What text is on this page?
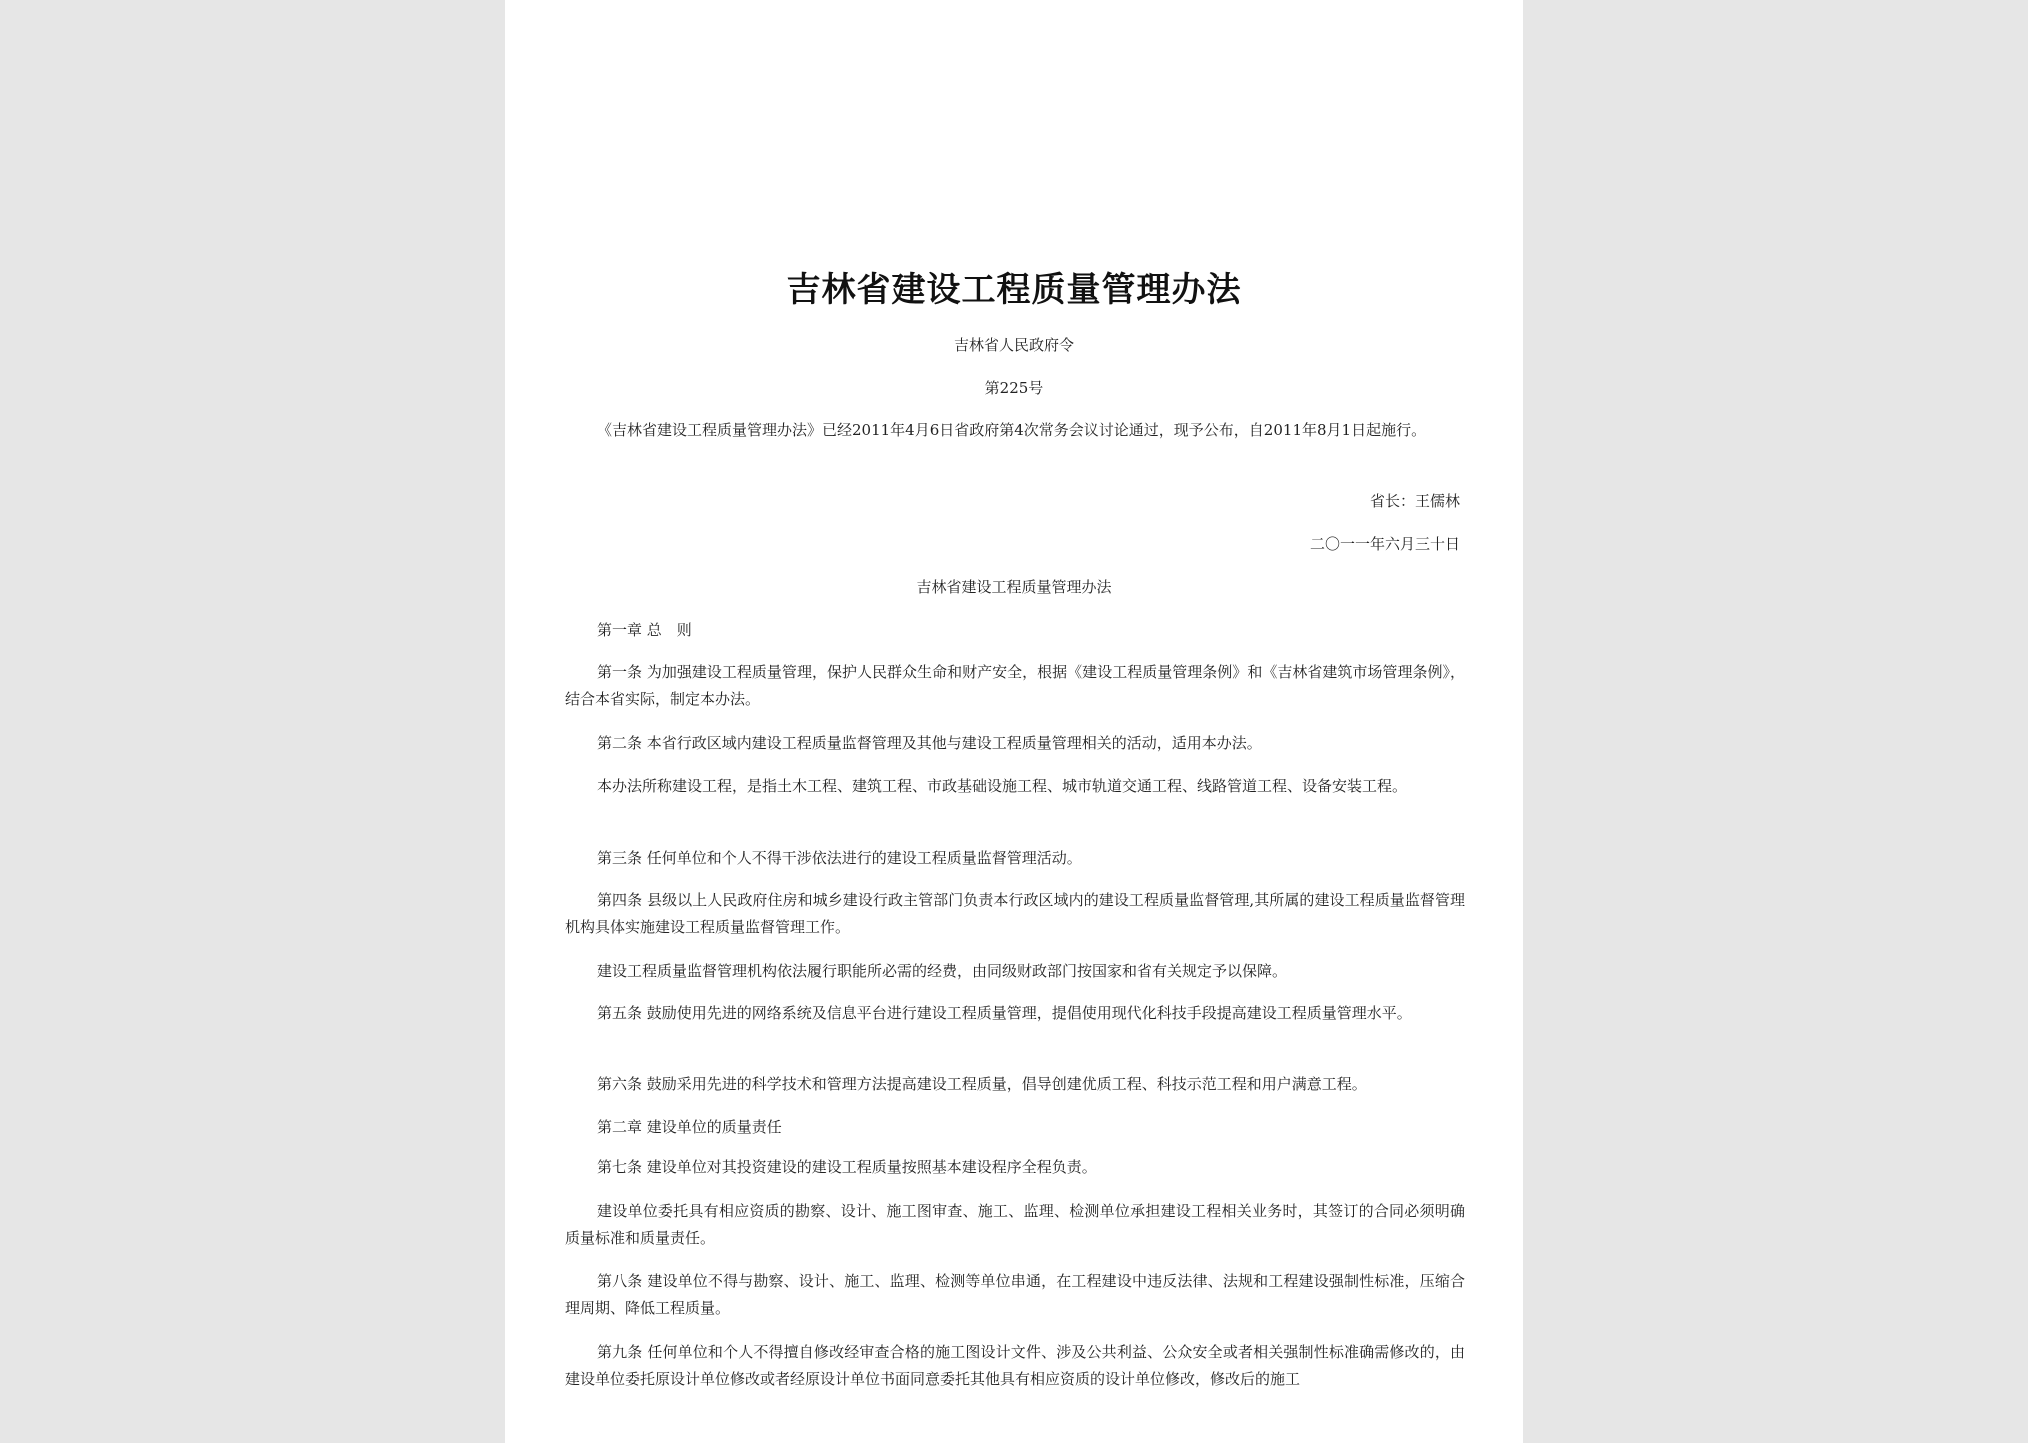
吉林省建设工程质量管理办法
吉林省人民政府令
第225号
《吉林省建设工程质量管理办法》已经2011年4月6日省政府第4次常务会议讨论通过，现予公布，自2011年8月1日起施行。
省长：王儒林
二〇一一年六月三十日
吉林省建设工程质量管理办法
第一章 总　则
第一条 为加强建设工程质量管理，保护人民群众生命和财产安全，根据《建设工程质量管理条例》和《吉林省建筑市场管理条例》，结合本省实际，制定本办法。
第二条 本省行政区域内建设工程质量监督管理及其他与建设工程质量管理相关的活动，适用本办法。
本办法所称建设工程，是指土木工程、建筑工程、市政基础设施工程、城市轨道交通工程、线路管道工程、设备安装工程。
第三条 任何单位和个人不得干涉依法进行的建设工程质量监督管理活动。
第四条 县级以上人民政府住房和城乡建设行政主管部门负责本行政区域内的建设工程质量监督管理,其所属的建设工程质量监督管理机构具体实施建设工程质量监督管理工作。
建设工程质量监督管理机构依法履行职能所必需的经费，由同级财政部门按国家和省有关规定予以保障。
第五条 鼓励使用先进的网络系统及信息平台进行建设工程质量管理，提倡使用现代化科技手段提高建设工程质量管理水平。
第六条 鼓励采用先进的科学技术和管理方法提高建设工程质量，倡导创建优质工程、科技示范工程和用户满意工程。
第二章 建设单位的质量责任
第七条 建设单位对其投资建设的建设工程质量按照基本建设程序全程负责。
建设单位委托具有相应资质的勘察、设计、施工图审查、施工、监理、检测单位承担建设工程相关业务时，其签订的合同必须明确质量标准和质量责任。
第八条 建设单位不得与勘察、设计、施工、监理、检测等单位串通，在工程建设中违反法律、法规和工程建设强制性标准，压缩合理周期、降低工程质量。
第九条 任何单位和个人不得擅自修改经审查合格的施工图设计文件、涉及公共利益、公众安全或者相关强制性标准确需修改的，由建设单位委托原设计单位修改或者经原设计单位书面同意委托其他具有相应资质的设计单位修改，修改后的施工
